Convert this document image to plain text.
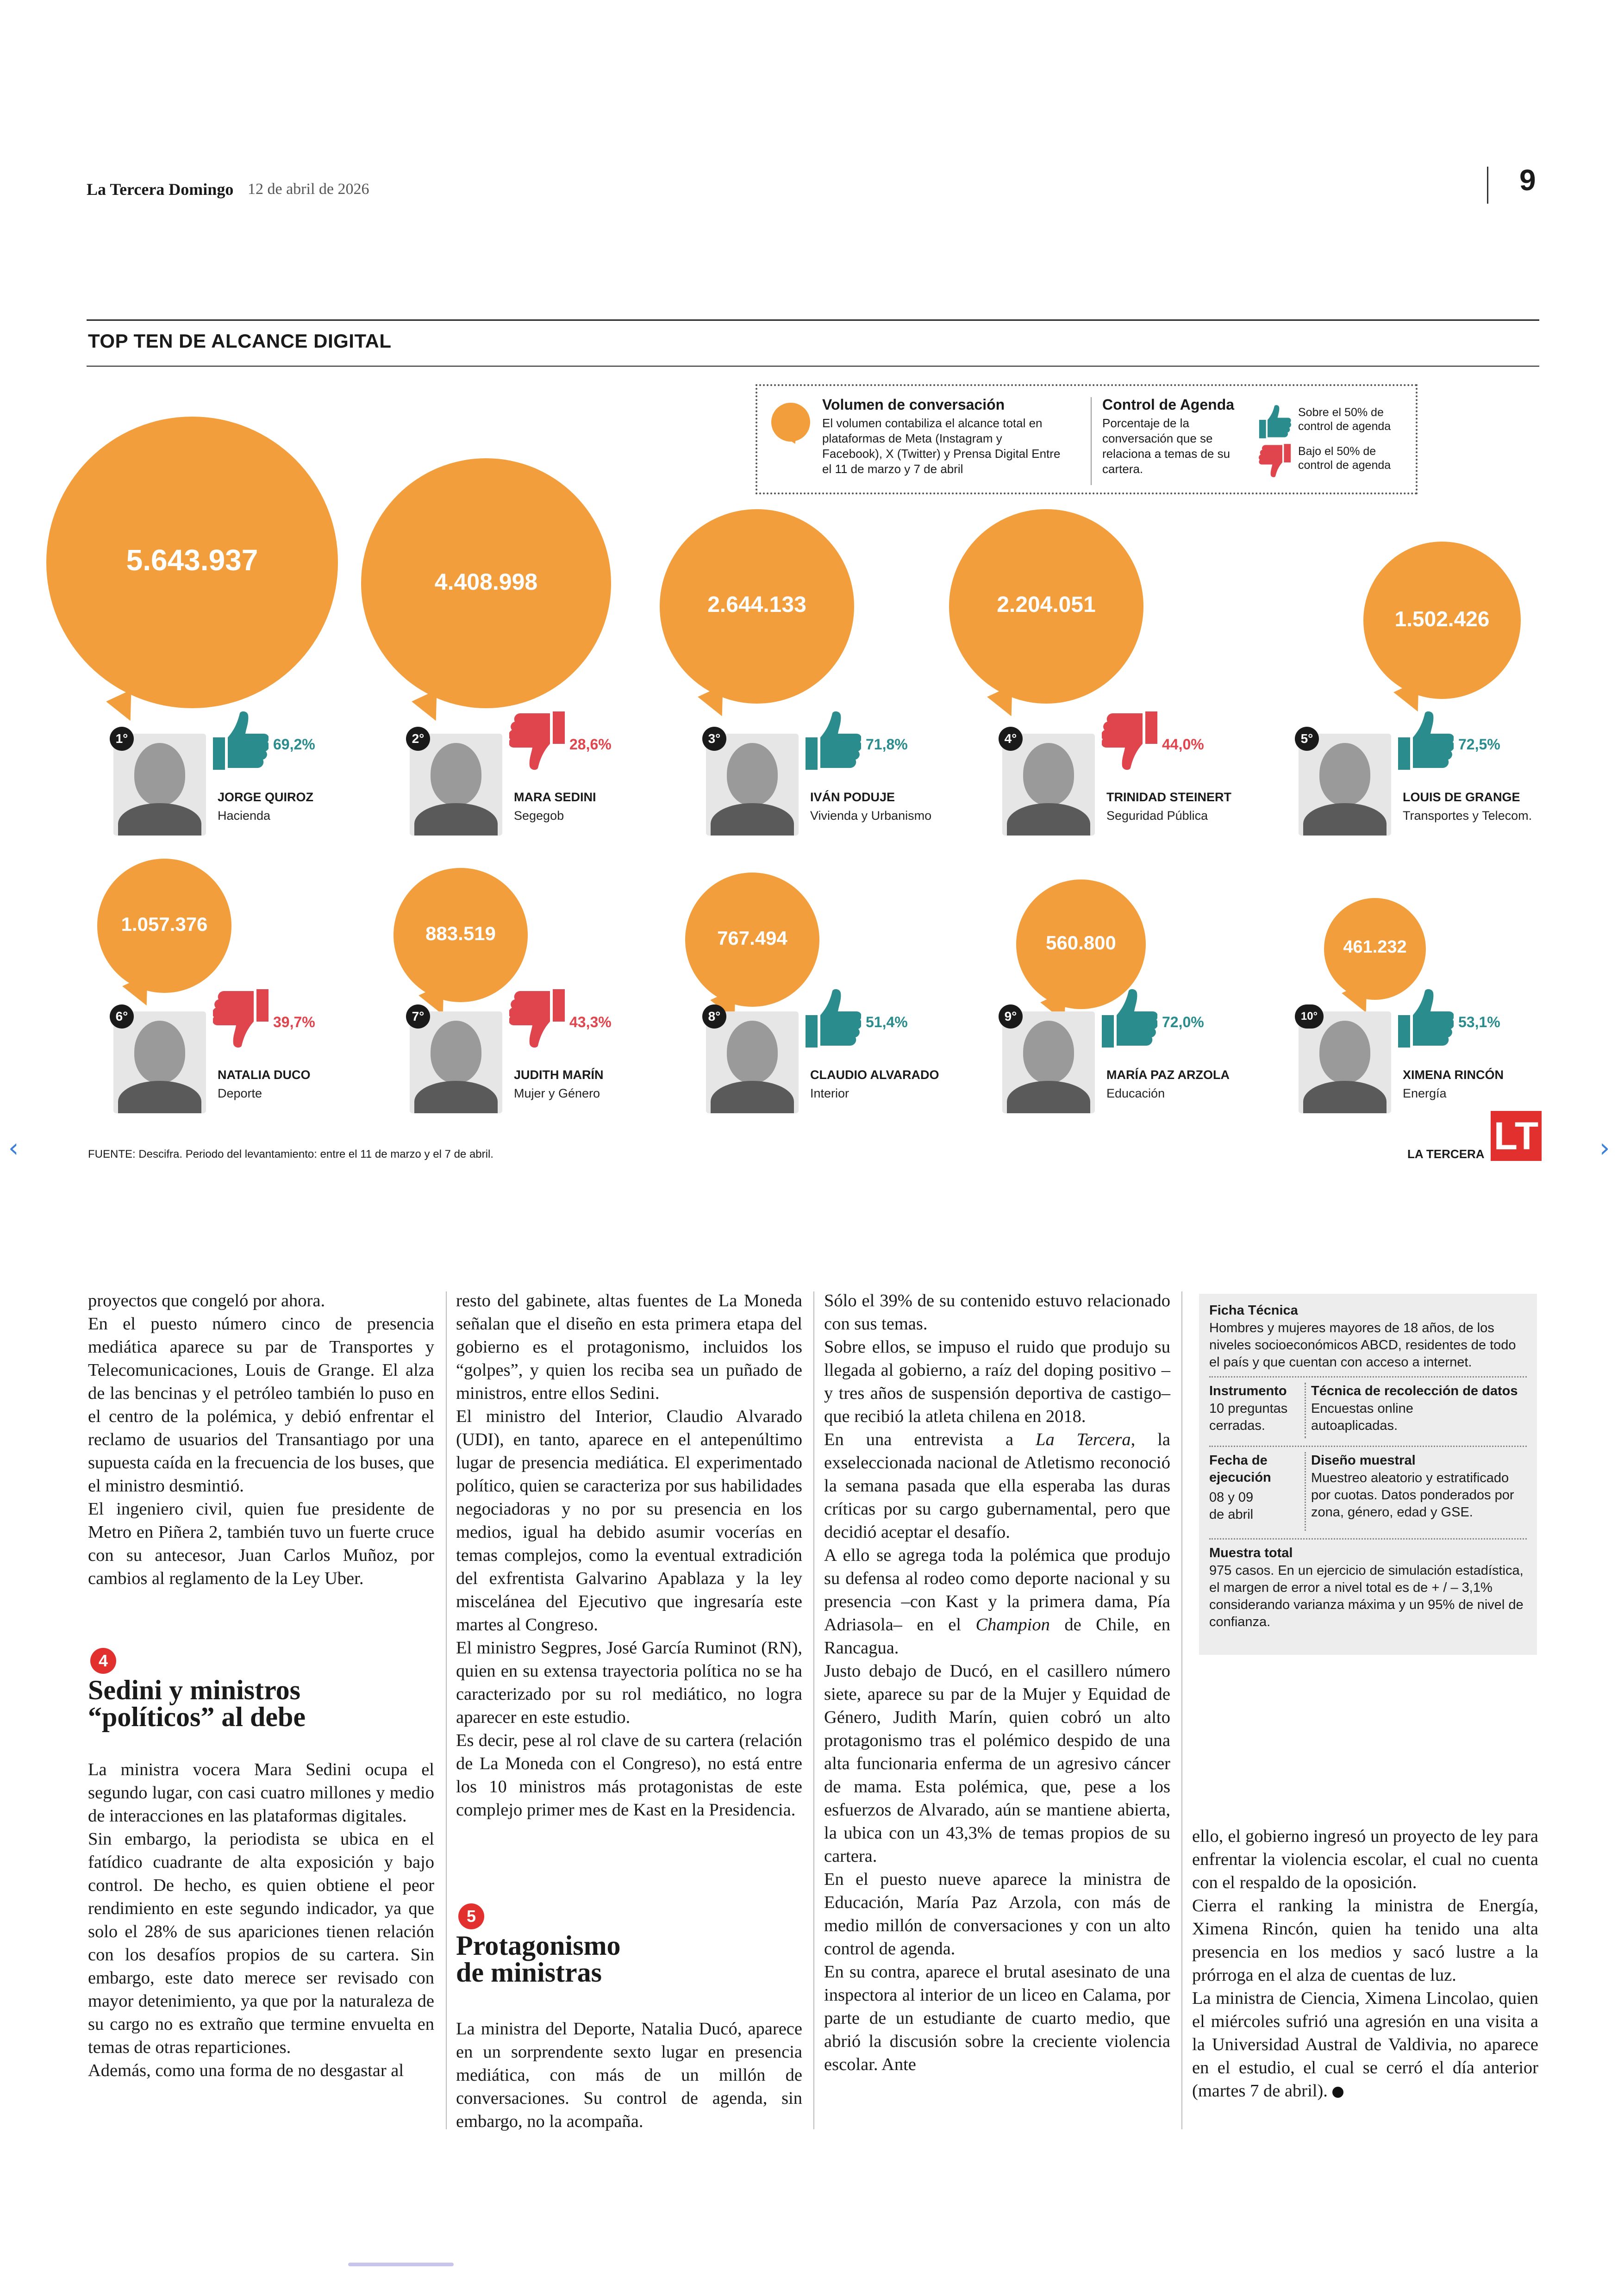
La Tercera Domingo 12 de abril de 2026	9
TOP TEN DE ALCANCE DIGITAL
Volumen de conversación
El volumen contabiliza el alcance total en plataformas de Meta (Instagram y Facebook), X (Twitter) y Prensa Digital Entre el 11 de marzo y 7 de abril
Control de Agenda
Porcentaje de la conversación que se relaciona a temas de su cartera.
Sobre el 50% de control de agenda
Bajo el 50% de control de agenda
5.643.937
1°	69,2%
JORGE QUIROZ
Hacienda
4.408.998
2°	28,6%
MARA SEDINI
Segegob
2.644.133
3°	71,8%
IVÁN PODUJE
Vivienda y Urbanismo
2.204.051
4°	44,0%
TRINIDAD STEINERT
Seguridad Pública
1.502.426
5°	72,5%
LOUIS DE GRANGE
Transportes y Telecom.
1.057.376
6°	39,7%
NATALIA DUCO
Deporte
883.519
7°	43,3%
JUDITH MARÍN
Mujer y Género
767.494
8°	51,4%
CLAUDIO ALVARADO
Interior
560.800
9°	72,0%
MARÍA PAZ ARZOLA
Educación
461.232
10°	53,1%
XIMENA RINCÓN
Energía
FUENTE: Descifra. Periodo del levantamiento: entre el 11 de marzo y el 7 de abril.	LA TERCERA LT
‹	›

proyectos que congeló por ahora.

En el puesto número cinco de presencia mediática aparece su par de Transportes y Telecomunicaciones, Louis de Grange. El alza de las bencinas y el petróleo también lo puso en el centro de la polémica, y debió enfrentar el reclamo de usuarios del Transantiago por una supuesta caída en la frecuencia de los buses, que el ministro desmintió.

El ingeniero civil, quien fue presidente de Metro en Piñera 2, también tuvo un fuerte cruce con su antecesor, Juan Carlos Muñoz, por cambios al reglamento de la Ley Uber.

4
Sedini y ministros
“políticos” al debe

La ministra vocera Mara Sedini ocupa el segundo lugar, con casi cuatro millones y medio de interacciones en las plataformas digitales.

Sin embargo, la periodista se ubica en el fatídico cuadrante de alta exposición y bajo control. De hecho, es quien obtiene el peor rendimiento en este segundo indicador, ya que solo el 28% de sus apariciones tienen relación con los desafíos propios de su cartera. Sin embargo, este dato merece ser revisado con mayor detenimiento, ya que por la naturaleza de su cargo no es extraño que termine envuelta en temas de otras reparticiones.

Además, como una forma de no desgastar al

resto del gabinete, altas fuentes de La Moneda señalan que el diseño en esta primera etapa del gobierno es el protagonismo, incluidos los “golpes”, y quien los reciba sea un puñado de ministros, entre ellos Sedini.

El ministro del Interior, Claudio Alvarado (UDI), en tanto, aparece en el antepenúltimo lugar de presencia mediática. El experimentado político, quien se caracteriza por sus habilidades negociadoras y no por su presencia en los medios, igual ha debido asumir vocerías en temas complejos, como la eventual extradición del exfrentista Galvarino Apablaza y la ley miscelánea del Ejecutivo que ingresaría este martes al Congreso.

El ministro Segpres, José García Ruminot (RN), quien en su extensa trayectoria política no se ha caracterizado por su rol mediático, no logra aparecer en este estudio.

Es decir, pese al rol clave de su cartera (relación de La Moneda con el Congreso), no está entre los 10 ministros más protagonistas de este complejo primer mes de Kast en la Presidencia.

5
Protagonismo
de ministras

La ministra del Deporte, Natalia Ducó, aparece en un sorprendente sexto lugar en presencia mediática, con más de un millón de conversaciones. Su control de agenda, sin embargo, no la acompaña.

Sólo el 39% de su contenido estuvo relacionado con sus temas.

Sobre ellos, se impuso el ruido que produjo su llegada al gobierno, a raíz del doping positivo –y tres años de suspensión deportiva de castigo– que recibió la atleta chilena en 2018.

En una entrevista a La Tercera, la exseleccionada nacional de Atletismo reconoció la semana pasada que ella esperaba las duras críticas por su cargo gubernamental, pero que decidió aceptar el desafío.

A ello se agrega toda la polémica que produjo su defensa al rodeo como deporte nacional y su presencia –con Kast y la primera dama, Pía Adriasola– en el Champion de Chile, en Rancagua.

Justo debajo de Ducó, en el casillero número siete, aparece su par de la Mujer y Equidad de Género, Judith Marín, quien cobró un alto protagonismo tras el polémico despido de una alta funcionaria enferma de un agresivo cáncer de mama. Esta polémica, que, pese a los esfuerzos de Alvarado, aún se mantiene abierta, la ubica con un 43,3% de temas propios de su cartera.

En el puesto nueve aparece la ministra de Educación, María Paz Arzola, con más de medio millón de conversaciones y con un alto control de agenda.

En su contra, aparece el brutal asesinato de una inspectora al interior de un liceo en Calama, por parte de un estudiante de cuarto medio, que abrió la discusión sobre la creciente violencia escolar. Ante

Ficha Técnica
Hombres y mujeres mayores de 18 años, de los niveles socioeconómicos ABCD, residentes de todo el país y que cuentan con acceso a internet.
Instrumento
10 preguntas cerradas.
Técnica de recolección de datos
Encuestas online autoaplicadas.
Fecha de ejecución
08 y 09 de abril
Diseño muestral
Muestreo aleatorio y estratificado por cuotas. Datos ponderados por zona, género, edad y GSE.
Muestra total
975 casos. En un ejercicio de simulación estadística, el margen de error a nivel total es de + / – 3,1% considerando varianza máxima y un 95% de nivel de confianza.

ello, el gobierno ingresó un proyecto de ley para enfrentar la violencia escolar, el cual no cuenta con el respaldo de la oposición.

Cierra el ranking la ministra de Energía, Ximena Rincón, quien ha tenido una alta presencia en los medios y sacó lustre a la prórroga en el alza de cuentas de luz.

La ministra de Ciencia, Ximena Lincolao, quien el miércoles sufrió una agresión en una visita a la Universidad Austral de Valdivia, no aparece en el estudio, el cual se cerró el día anterior (martes 7 de abril).
